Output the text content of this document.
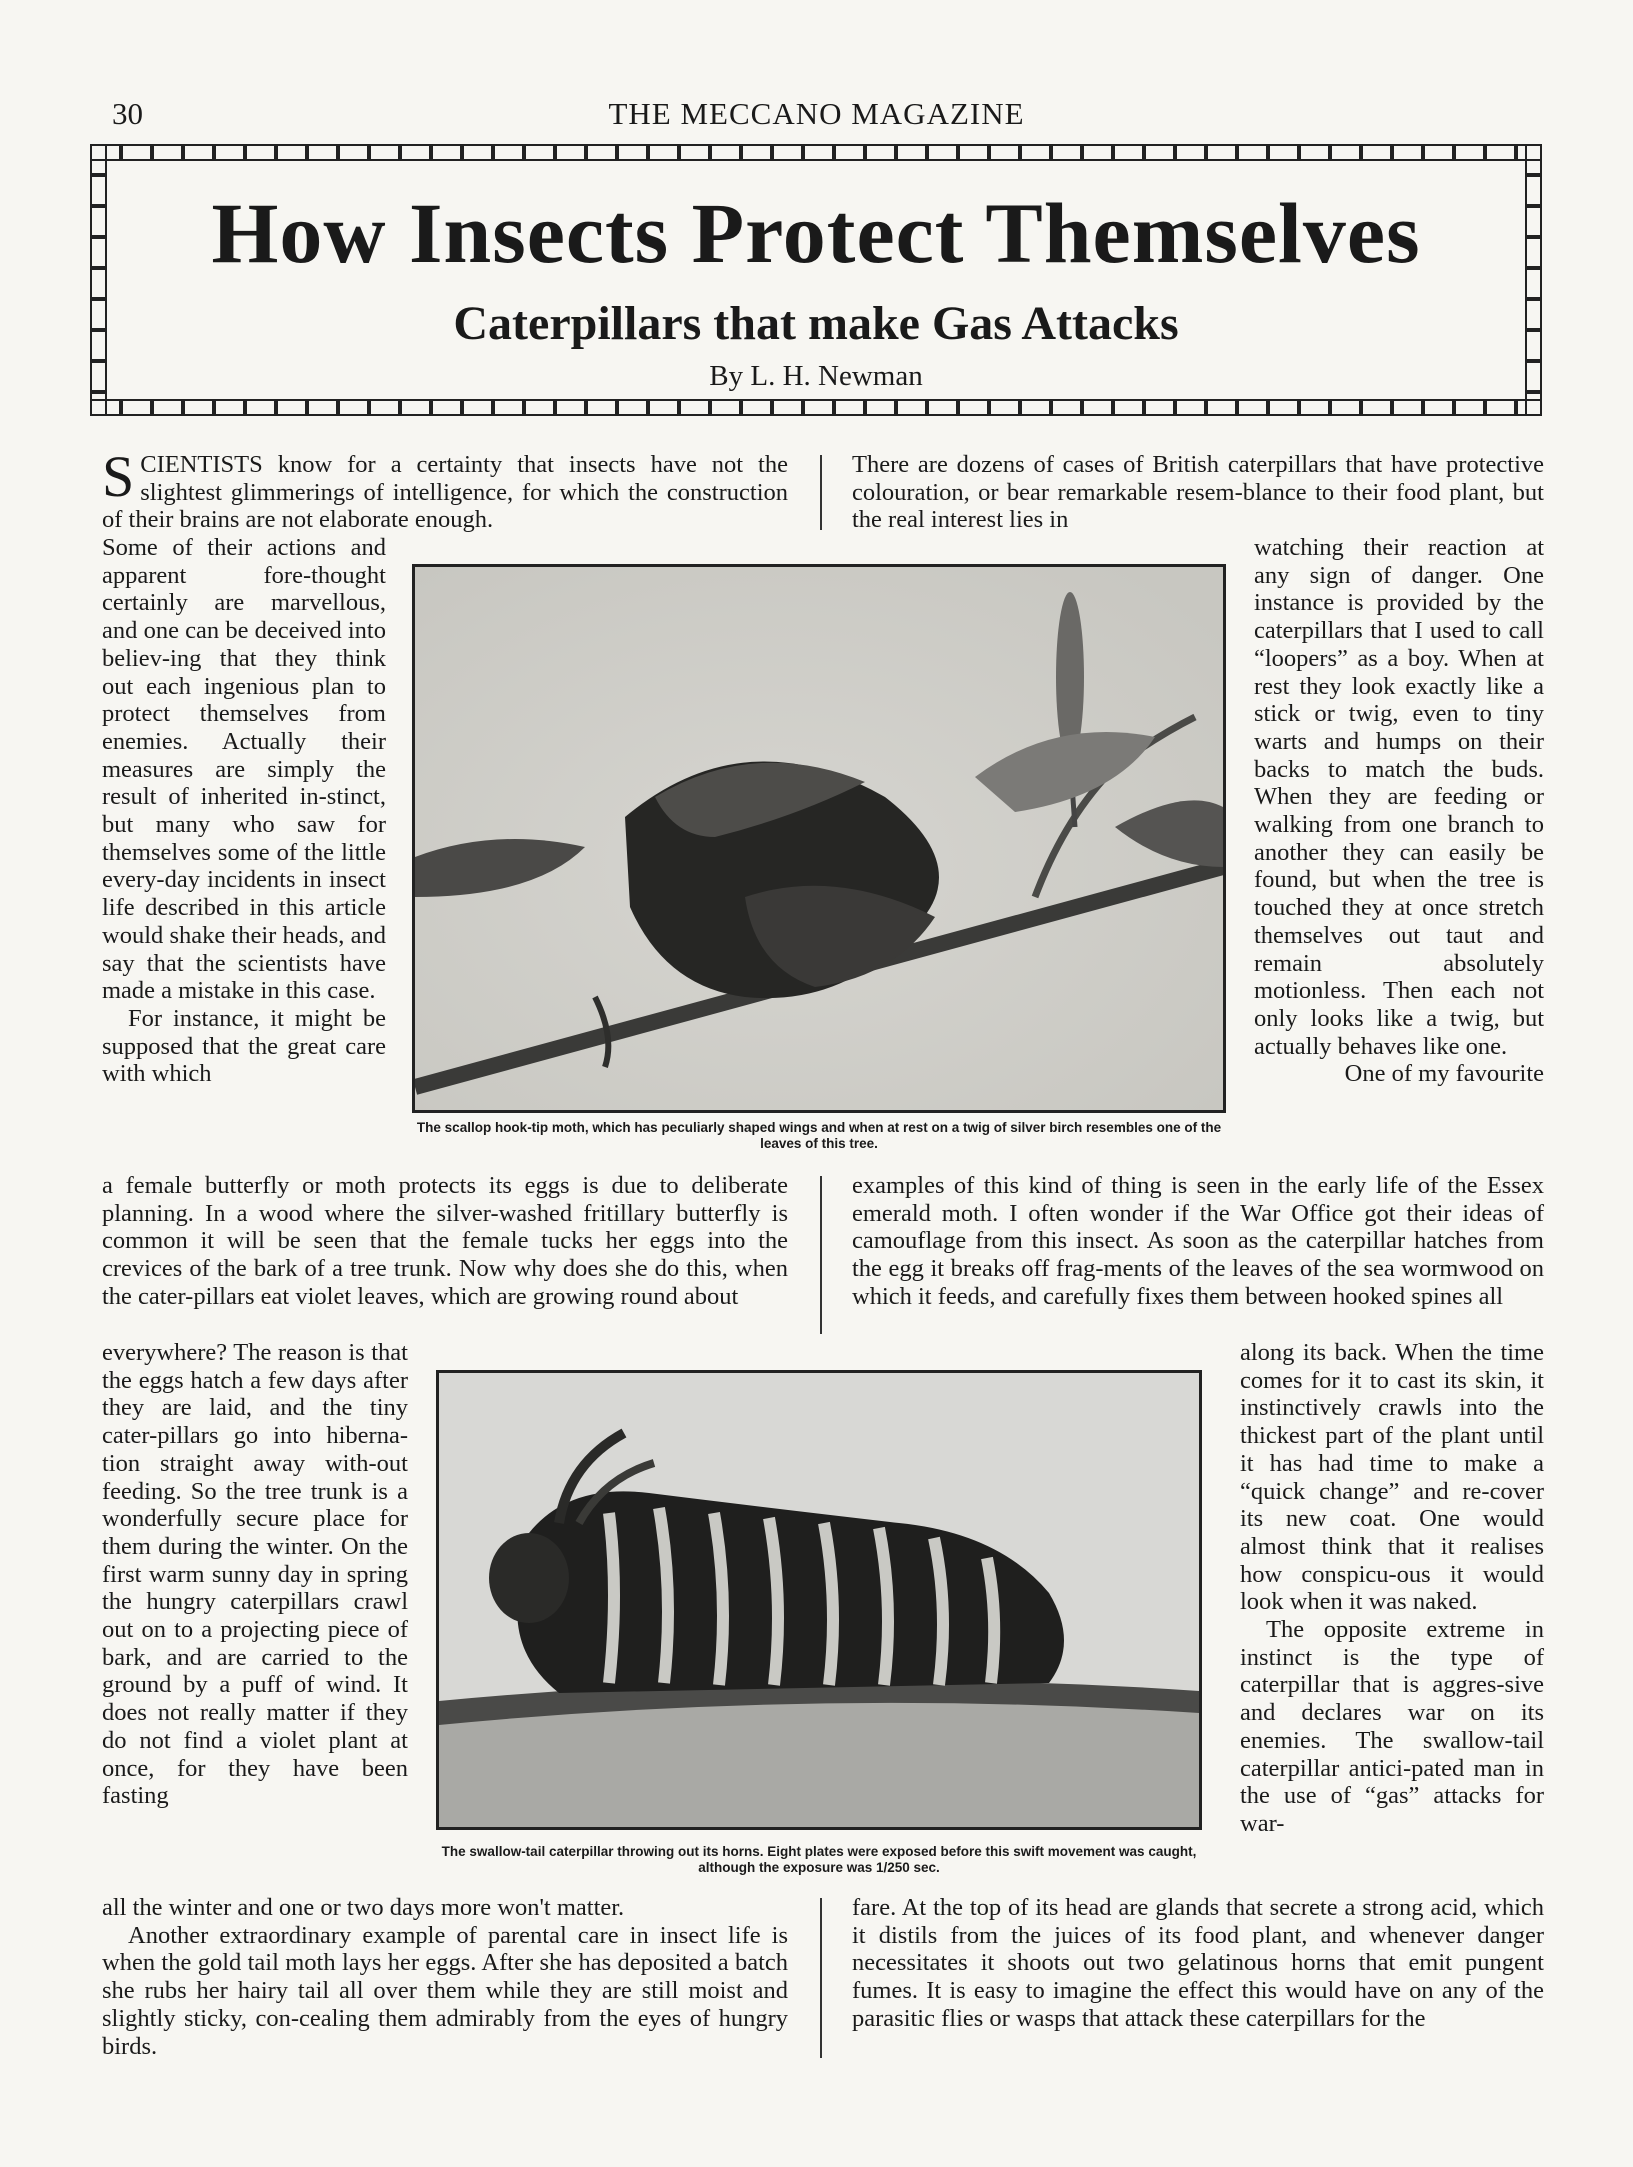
30	THE MECCANO MAGAZINE
How Insects Protect Themselves
Caterpillars that make Gas Attacks
By L. H. Newman

SCIENTISTS know for a certainty that insects have not the slightest glimmerings of intelligence, for which the construction of their brains are not elaborate enough.

Some of their actions and apparent fore-thought certainly are marvellous, and one can be deceived into believ-ing that they think out each ingenious plan to protect themselves from enemies. Actually their measures are simply the result of inherited in-stinct, but many who saw for themselves some of the little every-day incidents in insect life described in this article would shake their heads, and say that the scientists have made a mistake in this case.

For instance, it might be supposed that the great care with which

a female butterfly or moth protects its eggs is due to deliberate planning. In a wood where the silver-washed fritillary butterfly is common it will be seen that the female tucks her eggs into the crevices of the bark of a tree trunk. Now why does she do this, when the cater-pillars eat violet leaves, which are growing round about
everywhere? The reason is that the eggs hatch a few days after they are laid, and the tiny cater-pillars go into hiberna-tion straight away with-out feeding. So the tree trunk is a wonderfully secure place for them during the winter. On the first warm sunny day in spring the hungry caterpillars crawl out on to a projecting piece of bark, and are carried to the ground by a puff of wind. It does not really matter if they do not find a violet plant at once, for they have been fasting

all the winter and one or two days more won't matter.

Another extraordinary example of parental care in insect life is when the gold tail moth lays her eggs. After she has deposited a batch she rubs her hairy tail all over them while they are still moist and slightly sticky, con-cealing them admirably from the eyes of hungry birds.

There are dozens of cases of British caterpillars that have protective colouration, or bear remarkable resem-blance to their food plant, but the real interest lies in

watching their reaction at any sign of danger. One instance is provided by the caterpillars that I used to call “loopers” as a boy. When at rest they look exactly like a stick or twig, even to tiny warts and humps on their backs to match the buds. When they are feeding or walking from one branch to another they can easily be found, but when the tree is touched they at once stretch themselves out taut and remain absolutely motionless. Then each not only looks like a twig, but actually behaves like one.

One of my favourite

examples of this kind of thing is seen in the early life of the Essex emerald moth. I often wonder if the War Office got their ideas of camouflage from this insect. As soon as the caterpillar hatches from the egg it breaks off frag-ments of the leaves of the sea wormwood on which it feeds, and carefully fixes them between hooked spines all

along its back. When the time comes for it to cast its skin, it instinctively crawls into the thickest part of the plant until it has had time to make a “quick change” and re-cover its new coat. One would almost think that it realises how conspicu-ous it would look when it was naked.

The opposite extreme in instinct is the type of caterpillar that is aggres-sive and declares war on its enemies. The swallow-tail caterpillar antici-pated man in the use of “gas” attacks for war-

fare. At the top of its head are glands that secrete a strong acid, which it distils from the juices of its food plant, and whenever danger necessitates it shoots out two gelatinous horns that emit pungent fumes. It is easy to imagine the effect this would have on any of the parasitic flies or wasps that attack these caterpillars for the
The scallop hook-tip moth, which has peculiarly shaped wings and when at rest on a twig of silver birch resembles one of the leaves of this tree.
The swallow-tail caterpillar throwing out its horns. Eight plates were exposed before this swift movement was caught, although the exposure was 1/250 sec.
